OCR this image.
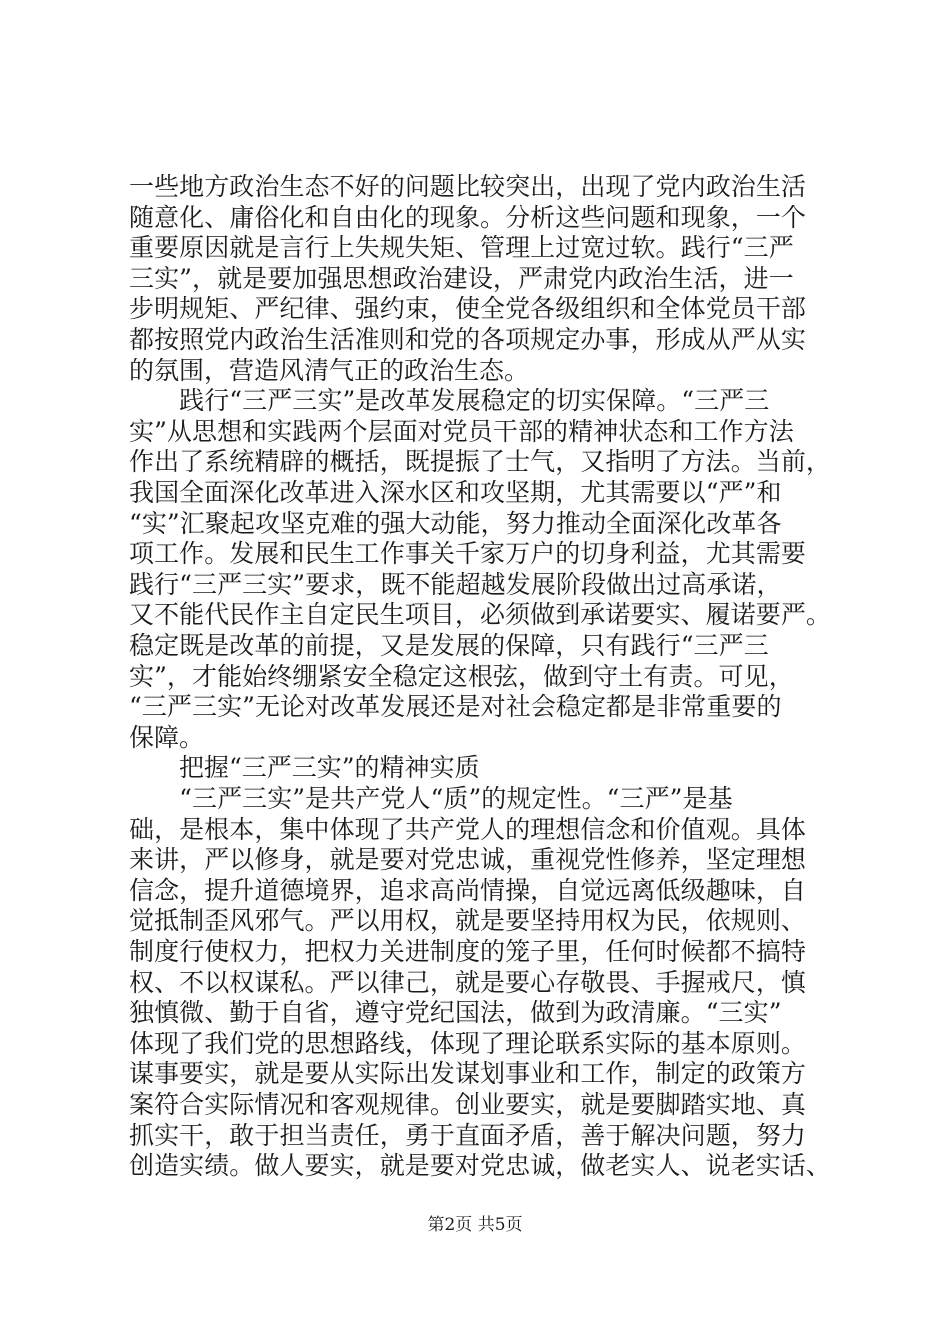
一些地方政治生态不好的问题比较突出，出现了党内政治生活
随意化、庸俗化和自由化的现象。分析这些问题和现象，一个
重要原因就是言行上失规失矩、管理上过宽过软。践行“三严
三实”，就是要加强思想政治建设，严肃党内政治生活，进一
步明规矩、严纪律、强约束，使全党各级组织和全体党员干部
都按照党内政治生活准则和党的各项规定办事，形成从严从实
的氛围，营造风清气正的政治生态。
　　践行“三严三实”是改革发展稳定的切实保障。“三严三
实”从思想和实践两个层面对党员干部的精神状态和工作方法
作出了系统精辟的概括，既提振了士气，又指明了方法。当前，
我国全面深化改革进入深水区和攻坚期，尤其需要以“严”和
“实”汇聚起攻坚克难的强大动能，努力推动全面深化改革各
项工作。发展和民生工作事关千家万户的切身利益，尤其需要
践行“三严三实”要求，既不能超越发展阶段做出过高承诺，
又不能代民作主自定民生项目，必须做到承诺要实、履诺要严。
稳定既是改革的前提，又是发展的保障，只有践行“三严三
实”，才能始终绷紧安全稳定这根弦，做到守土有责。可见，
“三严三实”无论对改革发展还是对社会稳定都是非常重要的
保障。
　　把握“三严三实”的精神实质
　　“三严三实”是共产党人“质”的规定性。“三严”是基
础，是根本，集中体现了共产党人的理想信念和价值观。具体
来讲，严以修身，就是要对党忠诚，重视党性修养，坚定理想
信念，提升道德境界，追求高尚情操，自觉远离低级趣味，自
觉抵制歪风邪气。严以用权，就是要坚持用权为民，依规则、
制度行使权力，把权力关进制度的笼子里，任何时候都不搞特
权、不以权谋私。严以律己，就是要心存敬畏、手握戒尺，慎
独慎微、勤于自省，遵守党纪国法，做到为政清廉。“三实”
体现了我们党的思想路线，体现了理论联系实际的基本原则。
谋事要实，就是要从实际出发谋划事业和工作，制定的政策方
案符合实际情况和客观规律。创业要实，就是要脚踏实地、真
抓实干，敢于担当责任，勇于直面矛盾，善于解决问题，努力
创造实绩。做人要实，就是要对党忠诚，做老实人、说老实话、
第2页 共5页
